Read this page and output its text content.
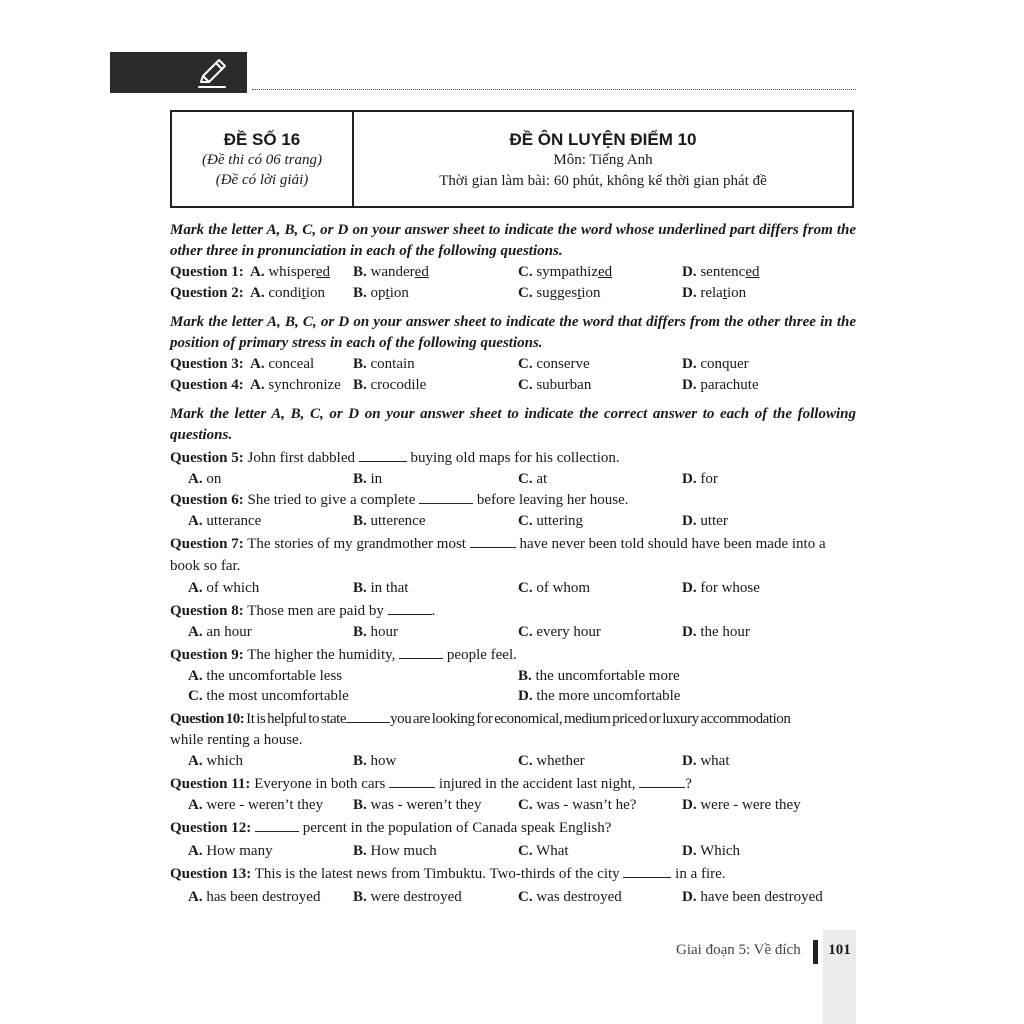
ĐỀ SỐ 16
(Đề thi có 06 trang)
(Đề có lời giải)
ĐỀ ÔN LUYỆN ĐIỂM 10
Môn: Tiếng Anh
Thời gian làm bài: 60 phút, không kể thời gian phát đề
Mark the letter A, B, C, or D on your answer sheet to indicate the word whose underlined part differs from the other three in pronunciation in each of the following questions.
Question 1: A. whispered B. wandered	C. sympathized	D. sentenced
Question 2: A. condition B. option	C. suggestion	D. relation
Mark the letter A, B, C, or D on your answer sheet to indicate the word that differs from the other three in the position of primary stress in each of the following questions.
Question 3: A. conceal	B. contain	C. conserve	D. conquer
Question 4: A. synchronize B. crocodile	C. suburban	D. parachute
Mark the letter A, B, C, or D on your answer sheet to indicate the correct answer to each of the following questions.
Question 5: John first dabbled	buying old maps for his collection.
A. on	B. in	C. at	D. for
Question 6: She tried to give a complete	before leaving her house.
A. utterance	B. utterence	C. uttering	D. utter
Question 7: The stories of my grandmother most	have never been told should have been made into a
book so far.
A. of which	B. in that	C. of whom	D. for whose
Question 8: Those men are paid by	.
A. an hour	B. hour	C. every hour	D. the hour
Question 9: The higher the humidity,	people feel.
A. the uncomfortable less	B. the uncomfortable more
C. the most uncomfortable	D. the more uncomfortable
Question 10: It is helpful to state	you are looking for economical, medium priced or luxury accommodation
while renting a house.
A. which	B. how	C. whether	D. what
Question 11: Everyone in both cars	injured in the accident last night,	?
A. were - weren’t they B. was - weren’t they C. was - wasn’t he?	D. were - were they
Question 12:	percent in the population of Canada speak English?
A. How many	B. How much	C. What	D. Which
Question 13: This is the latest news from Timbuktu. Two-thirds of the city	in a fire.
A. has been destroyed B. were destroyed	C. was destroyed	D. have been destroyed
Giai đoạn 5: Về đích	101
